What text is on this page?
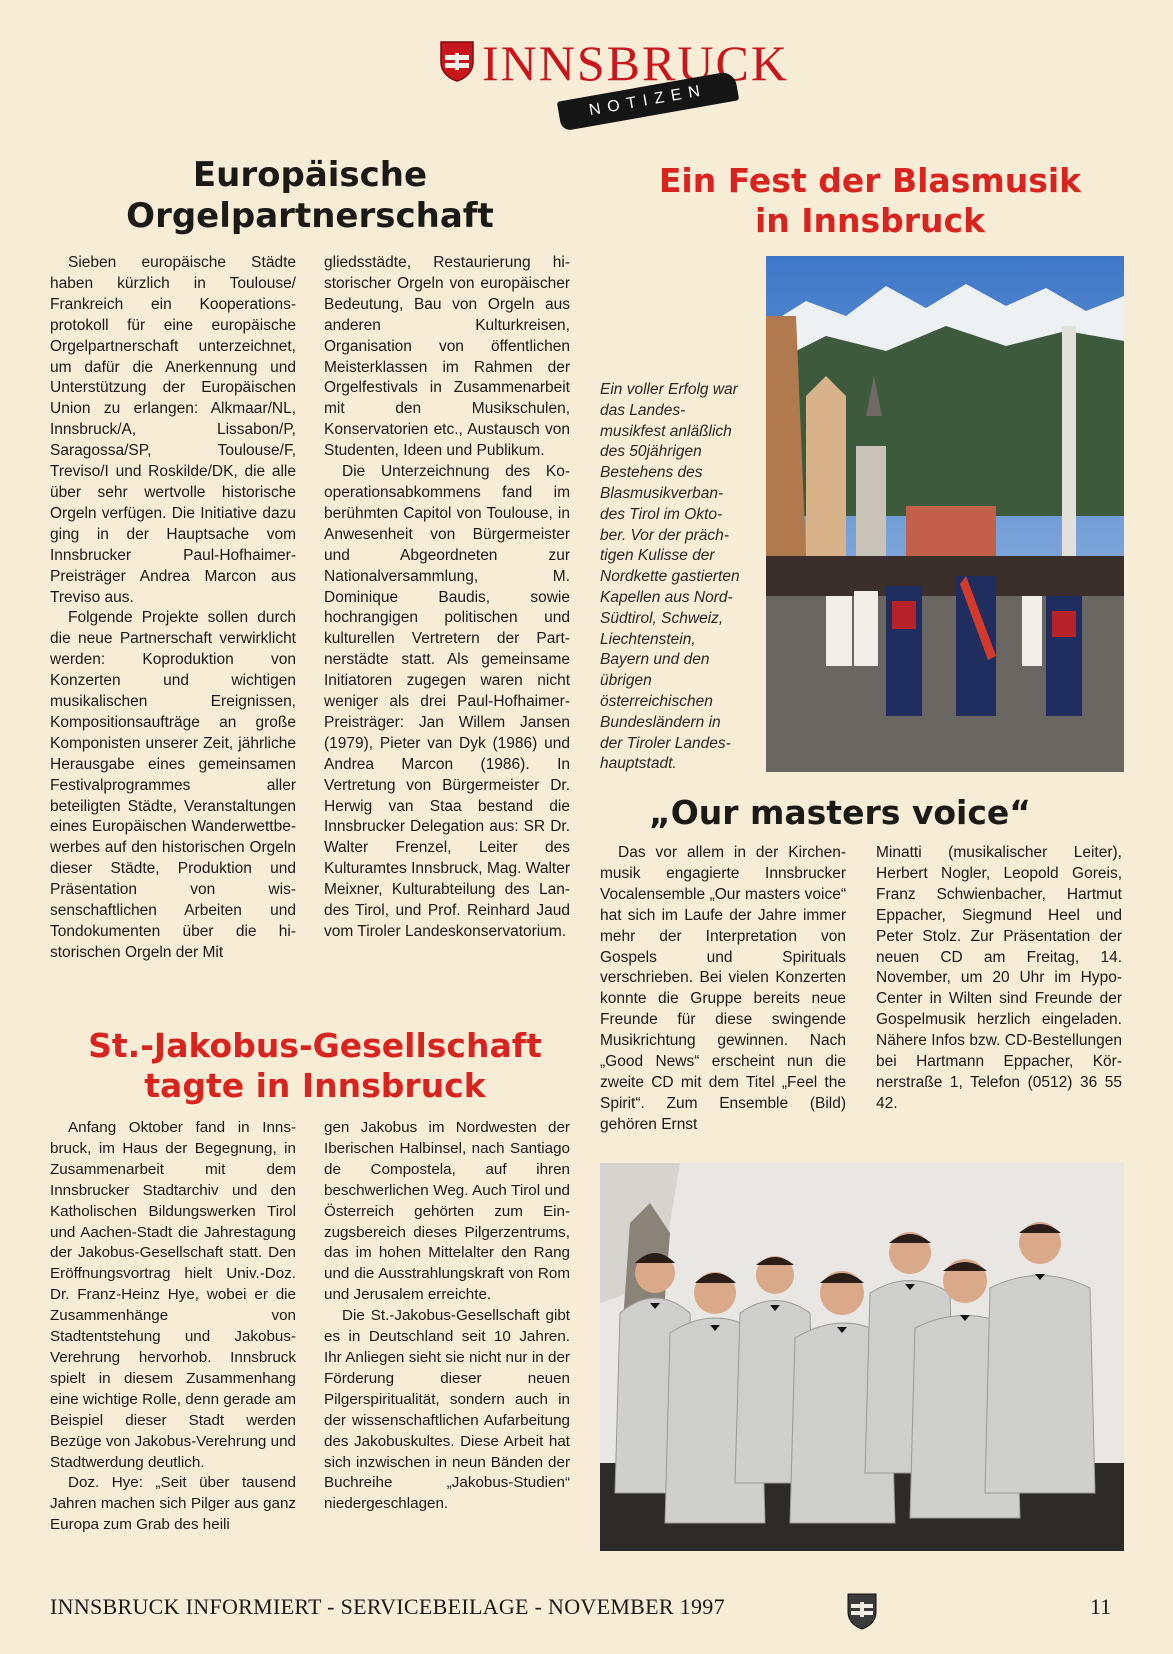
INNSBRUCK
NOTIZEN
Europäische Orgelpartnerschaft

Sieben europäische Städte haben kürzlich in Toulouse/ Frankreich ein Kooperationsprotokoll für eine europäische Orgelpartnerschaft unterzeichnet, um dafür die Anerkennung und Unterstützung der Europäischen Union zu erlangen: Alkmaar/NL, Innsbruck/A, Lissabon/P, Saragossa/SP, Toulouse/F, Treviso/I und Roskilde/DK, die alle über sehr wertvolle historische Orgeln verfügen. Die Initiative dazu ging in der Hauptsache vom Innsbrucker Paul-Hofhaimer-Preisträger Andrea Marcon aus Treviso aus.

Folgende Projekte sollen durch die neue Partnerschaft verwirklicht werden: Koproduktion von Konzerten und wichtigen musikalischen Ereignissen, Kompositionsaufträge an große Komponisten unserer Zeit, jährliche Herausgabe eines gemeinsamen Festivalprogrammes aller beteiligten Städte, Veranstaltungen eines Europäischen Wanderwettbewerbes auf den historischen Orgeln dieser Städte, Produktion und Präsentation von wissenschaftlichen Arbeiten und Tondokumenten über die historischen Orgeln der Mit

gliedsstädte, Restaurierung historischer Orgeln von europäischer Bedeutung, Bau von Orgeln aus anderen Kulturkreisen, Organisation von öffentlichen Meisterklassen im Rahmen der Orgelfestivals in Zusammenarbeit mit den Musikschulen, Konservatorien etc., Austausch von Studenten, Ideen und Publikum.

Die Unterzeichnung des Kooperationsabkommens fand im berühmten Capitol von Toulouse, in Anwesenheit von Bürgermeister und Abgeordneten zur Nationalversammlung, M. Dominique Baudis, sowie hochrangigen politischen und kulturellen Vertretern der Partnerstädte statt. Als gemeinsame Initiatoren zugegen waren nicht weniger als drei Paul-Hofhaimer-Preisträger: Jan Willem Jansen (1979), Pieter van Dyk (1986) und Andrea Marcon (1986). In Vertretung von Bürgermeister Dr. Herwig van Staa bestand die Innsbrucker Delegation aus: SR Dr. Walter Frenzel, Leiter des Kulturamtes Innsbruck, Mag. Walter Meixner, Kulturabteilung des Landes Tirol, und Prof. Reinhard Jaud vom Tiroler Landeskonservatorium.

Ein Fest der Blasmusik in Innsbruck
Ein voller Erfolg war das Landesmusikfest anläßlich des 50jährigen Bestehens des Blasmusikverbandes Tirol im Oktober. Vor der prächtigen Kulisse der Nordkette gastierten Kapellen aus Nord-Südtirol, Schweiz, Liechtenstein, Bayern und den übrigen österreichischen Bundesländern in der Tiroler Landeshauptstadt.
„Our masters voice“

Das vor allem in der Kirchenmusik engagierte Innsbrucker Vocalensemble „Our masters voice“ hat sich im Laufe der Jahre immer mehr der Interpretation von Gospels und Spirituals verschrieben. Bei vielen Konzerten konnte die Gruppe bereits neue Freunde für diese swingende Musikrichtung gewinnen. Nach „Good News“ erscheint nun die zweite CD mit dem Titel „Feel the Spirit“. Zum Ensemble (Bild) gehören Ernst

Minatti (musikalischer Leiter), Herbert Nogler, Leopold Goreis, Franz Schwienbacher, Hartmut Eppacher, Siegmund Heel und Peter Stolz. Zur Präsentation der neuen CD am Freitag, 14. November, um 20 Uhr im Hypo-Center in Wilten sind Freunde der Gospelmusik herzlich eingeladen. Nähere Infos bzw. CD-Bestellungen bei Hartmann Eppacher, Körnerstraße 1, Telefon (0512) 36 55 42.

St.-Jakobus-Gesellschaft tagte in Innsbruck

Anfang Oktober fand in Innsbruck, im Haus der Begegnung, in Zusammenarbeit mit dem Innsbrucker Stadtarchiv und den Katholischen Bildungswerken Tirol und Aachen-Stadt die Jahrestagung der Jakobus-Gesellschaft statt. Den Eröffnungsvortrag hielt Univ.-Doz. Dr. Franz-Heinz Hye, wobei er die Zusammenhänge von Stadtentstehung und Jakobus-Verehrung hervorhob. Innsbruck spielt in diesem Zusammenhang eine wichtige Rolle, denn gerade am Beispiel dieser Stadt werden Bezüge von Jakobus-Verehrung und Stadtwerdung deutlich.

Doz. Hye: „Seit über tausend Jahren machen sich Pilger aus ganz Europa zum Grab des heili

gen Jakobus im Nordwesten der Iberischen Halbinsel, nach Santiago de Compostela, auf ihren beschwerlichen Weg. Auch Tirol und Österreich gehörten zum Einzugsbereich dieses Pilgerzentrums, das im hohen Mittelalter den Rang und die Ausstrahlungskraft von Rom und Jerusalem erreichte.

Die St.-Jakobus-Gesellschaft gibt es in Deutschland seit 10 Jahren. Ihr Anliegen sieht sie nicht nur in der Förderung dieser neuen Pilgerspiritualität, sondern auch in der wissenschaftlichen Aufarbeitung des Jakobuskultes. Diese Arbeit hat sich inzwischen in neun Bänden der Buchreihe „Jakobus-Studien“ niedergeschlagen.

INNSBRUCK INFORMIERT - SERVICEBEILAGE - NOVEMBER 1997	11
